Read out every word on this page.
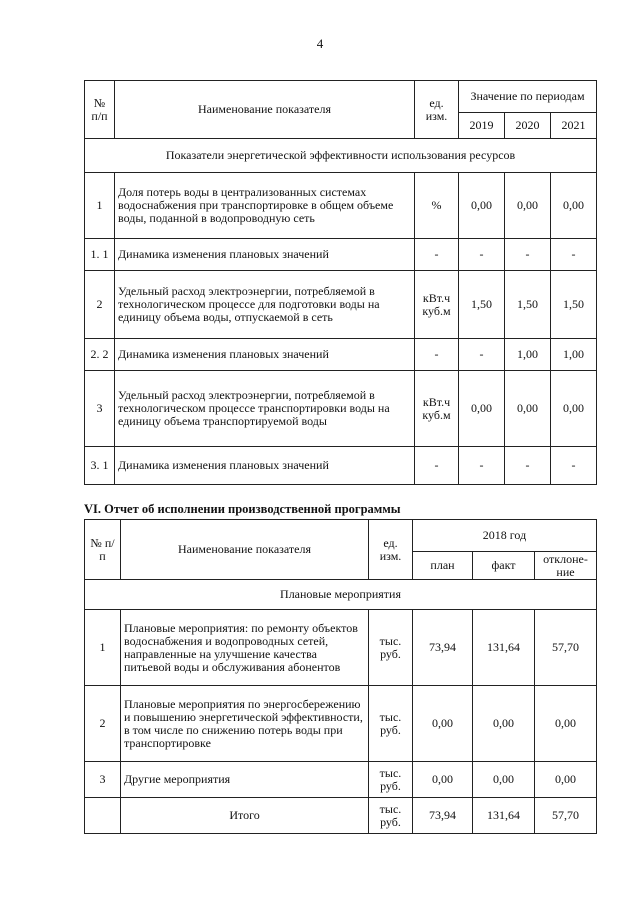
4
№ п/п	Наименование показателя	ед. изм.	Значение по периодам		
			2019	2020	2021
Показатели энергетической эффективности использования ресурсов					
1	Доля потерь воды в централизованных системах водоснабжения при транспортировке в общем объеме воды, поданной в водопроводную сеть	%	0,00	0,00	0,00
1. 1	Динамика изменения плановых значений	-	-	-	-
2	Удельный расход электроэнергии, потребляемой в технологическом процессе для подготовки воды на единицу объема воды, отпускаемой в сеть	кВт.ч куб.м	1,50	1,50	1,50
2. 2	Динамика изменения плановых значений	-	-	1,00	1,00
3	Удельный расход электроэнергии, потребляемой в технологическом процессе транспортировки воды на единицу объема транспортируемой воды	кВт.ч куб.м	0,00	0,00	0,00
3. 1	Динамика изменения плановых значений	-	-	-	-
VI. Отчет об исполнении производственной программы
№ п/п	Наименование показателя	ед. изм.	2018 год		
			план	факт	отклоне-ние
Плановые мероприятия					
1	Плановые мероприятия: по ремонту объектов водоснабжения и водопроводных сетей, направленные на улучшение качества питьевой воды и обслуживания абонентов	тыс. руб.	73,94	131,64	57,70
2	Плановые мероприятия по энергосбережению и повышению энергетической эффективности, в том числе по снижению потерь воды при транспортировке	тыс. руб.	0,00	0,00	0,00
3	Другие мероприятия	тыс. руб.	0,00	0,00	0,00
	Итого	тыс. руб.	73,94	131,64	57,70
